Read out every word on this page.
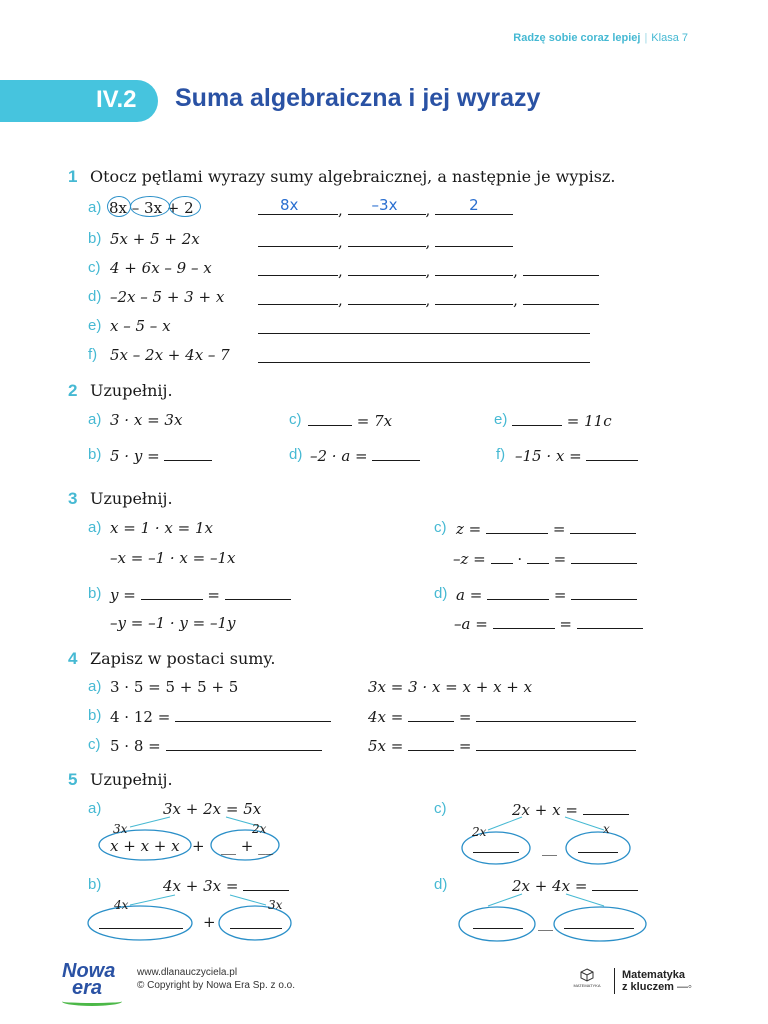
Radzę sobie coraz lepiej | Klasa 7
IV.2 Suma algebraiczna i jej wyrazy
1 Otocz pętlami wyrazy sumy algebraicznej, a następnie je wypisz.
a) 8x – 3x + 2	8x	, –3x , 2
b) 5x + 5 + 2x	,	,
c) 4 + 6x – 9 – x	,	,	,
d) –2x – 5 + 3 + x	,	,	,
e) x – 5 – x
f) 5x – 2x + 4x – 7
2 Uzupełnij.
a) 3 · x = 3x	c)	= 7x	e)	= 11c
b) 5 · y =	d) –2 · a =	f) –15 · x =
3 Uzupełnij.
a) x = 1 · x = 1x
–x = –1 · x = –1x
c) z =	=
–z = · =
b) y =	=
–y = –1 · y = –1y
d) a =	=
–a =	=
4 Zapisz w postaci sumy.
a) 3 · 5 = 5 + 5 + 5	3x = 3 · x = x + x + x
b) 4 · 12 =	4x =	=
c) 5 · 8 =	5x =	=
5 Uzupełnij.
a)	3x + 2x = 5x
3x	2x
x + x + x + __ + __
b)	4x + 3x =
4x	3x
+
c)	2x + x =
2x	x
__
d)	2x + 4x =
__
Nowa
era
www.dlanauczyciela.pl
© Copyright by Nowa Era Sp. z o.o.	MATEMATYKA
Matematyka
z kluczem —◦
